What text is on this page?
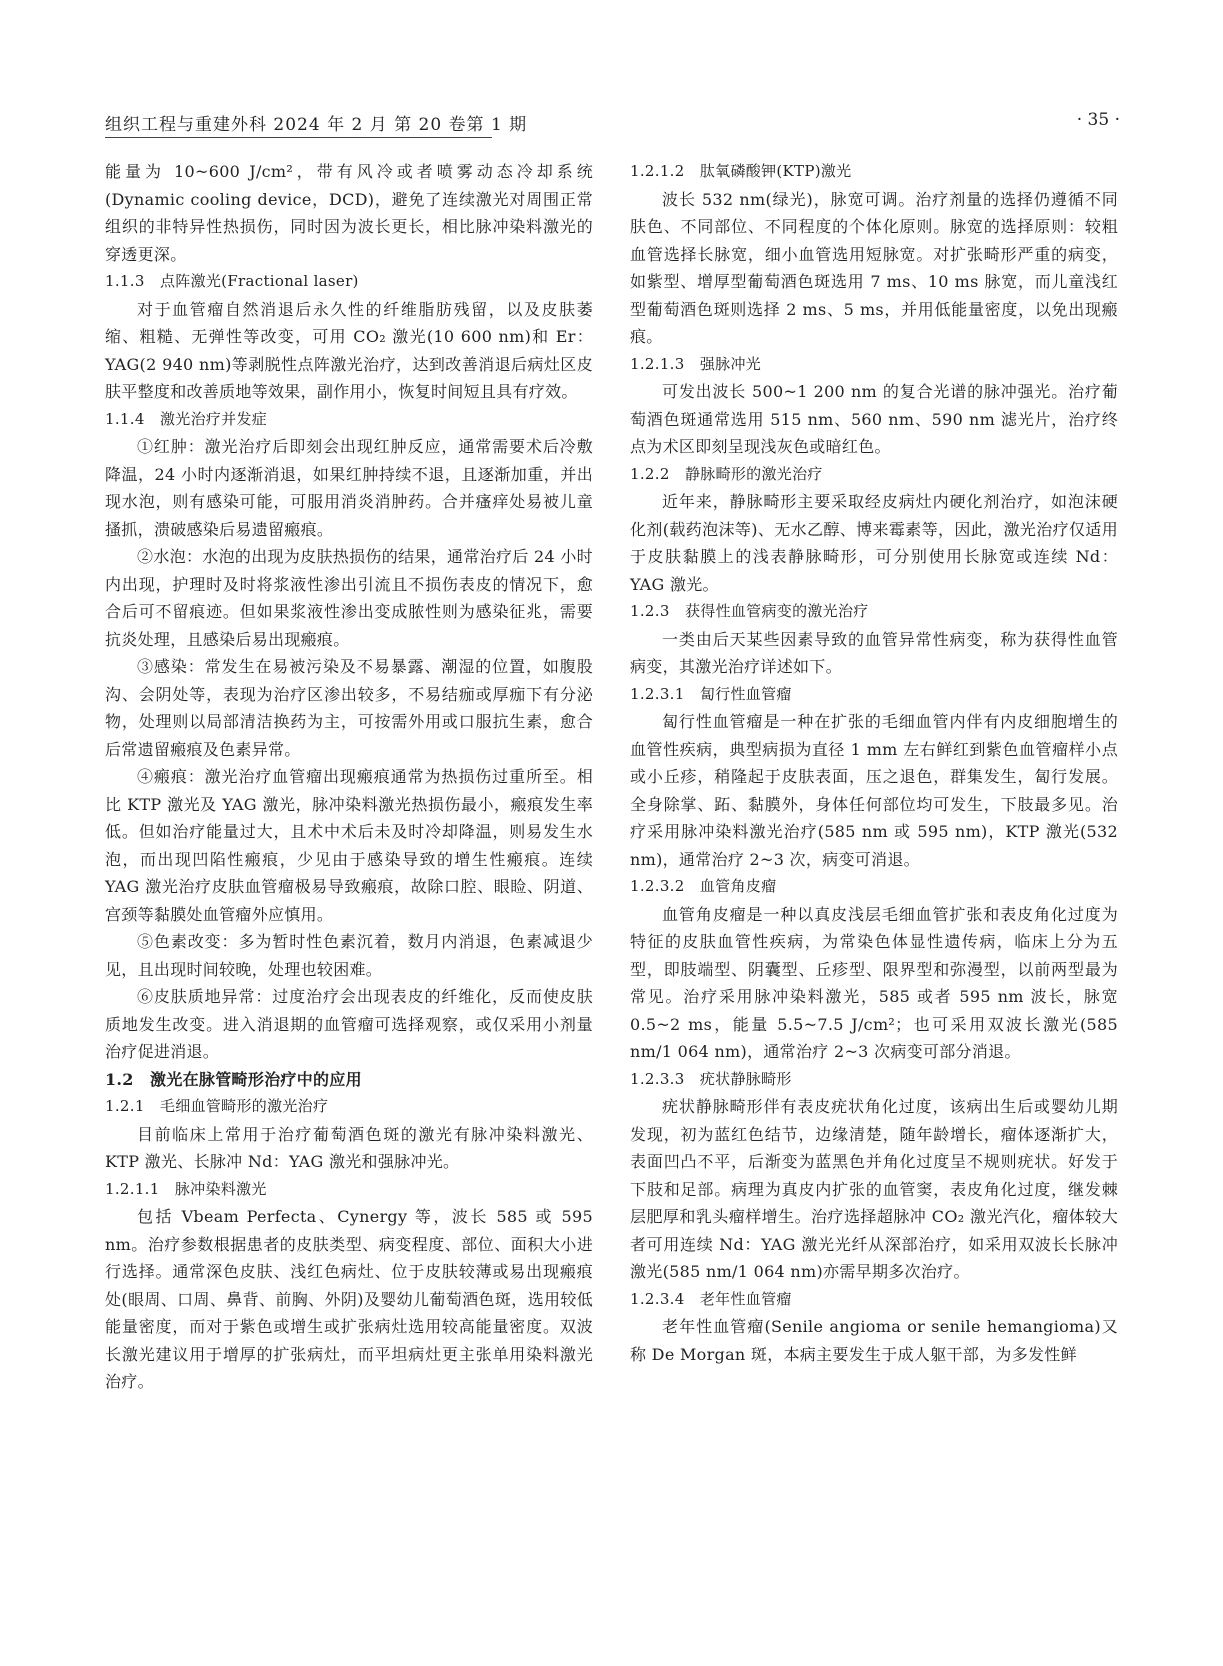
组织工程与重建外科 2024 年 2 月 第 20 卷第 1 期	· 35 ·

能量为 10~600 J/cm²，带有风冷或者喷雾动态冷却系统(Dynamic cooling device，DCD)，避免了连续激光对周围正常组织的非特异性热损伤，同时因为波长更长，相比脉冲染料激光的穿透更深。

1.1.3　点阵激光(Fractional laser)

对于血管瘤自然消退后永久性的纤维脂肪残留，以及皮肤萎缩、粗糙、无弹性等改变，可用 CO₂ 激光(10 600 nm)和 Er：YAG(2 940 nm)等剥脱性点阵激光治疗，达到改善消退后病灶区皮肤平整度和改善质地等效果，副作用小，恢复时间短且具有疗效。

1.1.4　激光治疗并发症

①红肿：激光治疗后即刻会出现红肿反应，通常需要术后冷敷降温，24 小时内逐渐消退，如果红肿持续不退，且逐渐加重，并出现水泡，则有感染可能，可服用消炎消肿药。合并瘙痒处易被儿童搔抓，溃破感染后易遗留瘢痕。

②水泡：水泡的出现为皮肤热损伤的结果，通常治疗后 24 小时内出现，护理时及时将浆液性渗出引流且不损伤表皮的情况下，愈合后可不留痕迹。但如果浆液性渗出变成脓性则为感染征兆，需要抗炎处理，且感染后易出现瘢痕。

③感染：常发生在易被污染及不易暴露、潮湿的位置，如腹股沟、会阴处等，表现为治疗区渗出较多，不易结痂或厚痂下有分泌物，处理则以局部清洁换药为主，可按需外用或口服抗生素，愈合后常遗留瘢痕及色素异常。

④瘢痕：激光治疗血管瘤出现瘢痕通常为热损伤过重所至。相比 KTP 激光及 YAG 激光，脉冲染料激光热损伤最小，瘢痕发生率低。但如治疗能量过大，且术中术后未及时冷却降温，则易发生水泡，而出现凹陷性瘢痕，少见由于感染导致的增生性瘢痕。连续 YAG 激光治疗皮肤血管瘤极易导致瘢痕，故除口腔、眼睑、阴道、宫颈等黏膜处血管瘤外应慎用。

⑤色素改变：多为暂时性色素沉着，数月内消退，色素减退少见，且出现时间较晚，处理也较困难。

⑥皮肤质地异常：过度治疗会出现表皮的纤维化，反而使皮肤质地发生改变。进入消退期的血管瘤可选择观察，或仅采用小剂量治疗促进消退。

1.2　激光在脉管畸形治疗中的应用
1.2.1　毛细血管畸形的激光治疗

目前临床上常用于治疗葡萄酒色斑的激光有脉冲染料激光、KTP 激光、长脉冲 Nd：YAG 激光和强脉冲光。

1.2.1.1　脉冲染料激光

包括 Vbeam Perfecta、Cynergy 等，波长 585 或 595 nm。治疗参数根据患者的皮肤类型、病变程度、部位、面积大小进行选择。通常深色皮肤、浅红色病灶、位于皮肤较薄或易出现瘢痕处(眼周、口周、鼻背、前胸、外阴)及婴幼儿葡萄酒色斑，选用较低能量密度，而对于紫色或增生或扩张病灶选用较高能量密度。双波长激光建议用于增厚的扩张病灶，而平坦病灶更主张单用染料激光治疗。

1.2.1.2　肽氧磷酸钾(KTP)激光

波长 532 nm(绿光)，脉宽可调。治疗剂量的选择仍遵循不同肤色、不同部位、不同程度的个体化原则。脉宽的选择原则：较粗血管选择长脉宽，细小血管选用短脉宽。对扩张畸形严重的病变，如紫型、增厚型葡萄酒色斑选用 7 ms、10 ms 脉宽，而儿童浅红型葡萄酒色斑则选择 2 ms、5 ms，并用低能量密度，以免出现瘢痕。

1.2.1.3　强脉冲光

可发出波长 500~1 200 nm 的复合光谱的脉冲强光。治疗葡萄酒色斑通常选用 515 nm、560 nm、590 nm 滤光片，治疗终点为术区即刻呈现浅灰色或暗红色。

1.2.2　静脉畸形的激光治疗

近年来，静脉畸形主要采取经皮病灶内硬化剂治疗，如泡沫硬化剂(载药泡沫等)、无水乙醇、博来霉素等，因此，激光治疗仅适用于皮肤黏膜上的浅表静脉畸形，可分别使用长脉宽或连续 Nd：YAG 激光。

1.2.3　获得性血管病变的激光治疗

一类由后天某些因素导致的血管异常性病变，称为获得性血管病变，其激光治疗详述如下。

1.2.3.1　匐行性血管瘤

匐行性血管瘤是一种在扩张的毛细血管内伴有内皮细胞增生的血管性疾病，典型病损为直径 1 mm 左右鲜红到紫色血管瘤样小点或小丘疹，稍隆起于皮肤表面，压之退色，群集发生，匐行发展。全身除掌、跖、黏膜外，身体任何部位均可发生，下肢最多见。治疗采用脉冲染料激光治疗(585 nm 或 595 nm)，KTP 激光(532 nm)，通常治疗 2~3 次，病变可消退。

1.2.3.2　血管角皮瘤

血管角皮瘤是一种以真皮浅层毛细血管扩张和表皮角化过度为特征的皮肤血管性疾病，为常染色体显性遗传病，临床上分为五型，即肢端型、阴囊型、丘疹型、限界型和弥漫型，以前两型最为常见。治疗采用脉冲染料激光，585 或者 595 nm 波长，脉宽 0.5~2 ms，能量 5.5~7.5 J/cm²；也可采用双波长激光(585 nm/1 064 nm)，通常治疗 2~3 次病变可部分消退。

1.2.3.3　疣状静脉畸形

疣状静脉畸形伴有表皮疣状角化过度，该病出生后或婴幼儿期发现，初为蓝红色结节，边缘清楚，随年龄增长，瘤体逐渐扩大，表面凹凸不平，后渐变为蓝黑色并角化过度呈不规则疣状。好发于下肢和足部。病理为真皮内扩张的血管窦，表皮角化过度，继发棘层肥厚和乳头瘤样增生。治疗选择超脉冲 CO₂ 激光汽化，瘤体较大者可用连续 Nd：YAG 激光光纤从深部治疗，如采用双波长长脉冲激光(585 nm/1 064 nm)亦需早期多次治疗。

1.2.3.4　老年性血管瘤

老年性血管瘤(Senile angioma or senile hemangioma)又称 De Morgan 斑，本病主要发生于成人躯干部，为多发性鲜
